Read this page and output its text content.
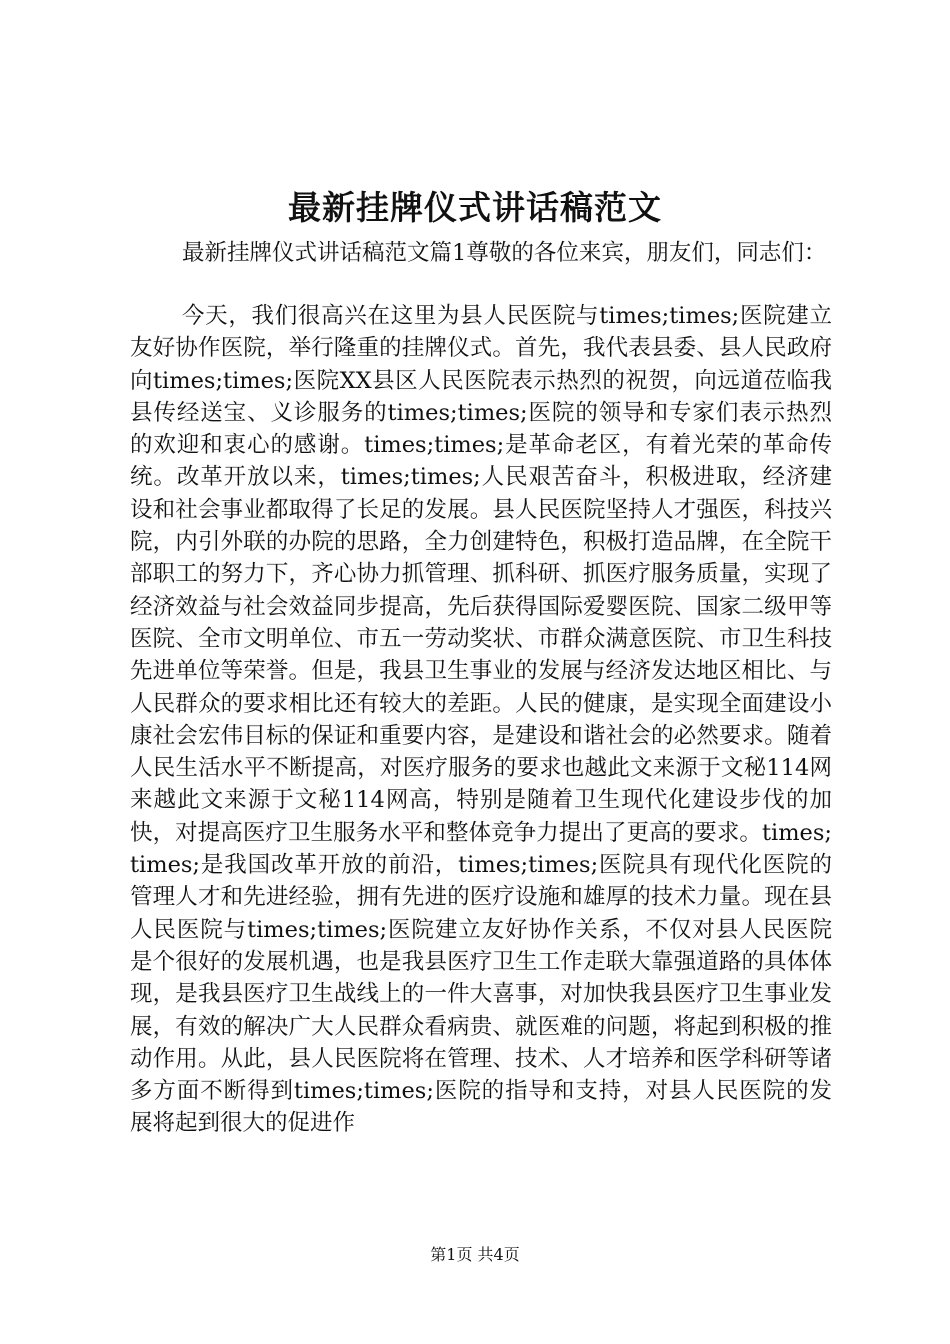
最新挂牌仪式讲话稿范文

最新挂牌仪式讲话稿范文篇1尊敬的各位来宾，朋友们，同志们：

今天，我们很高兴在这里为县人民医院与times;times;医院建立友好协作医院，举行隆重的挂牌仪式。首先，我代表县委、县人民政府向times;times;医院XX县区人民医院表示热烈的祝贺，向远道莅临我县传经送宝、义诊服务的times;times;医院的领导和专家们表示热烈的欢迎和衷心的感谢。times;times;是革命老区，有着光荣的革命传统。改革开放以来，times;times;人民艰苦奋斗，积极进取，经济建设和社会事业都取得了长足的发展。县人民医院坚持人才强医，科技兴院，内引外联的办院的思路，全力创建特色，积极打造品牌，在全院干部职工的努力下，齐心协力抓管理、抓科研、抓医疗服务质量，实现了经济效益与社会效益同步提高，先后获得国际爱婴医院、国家二级甲等医院、全市文明单位、市五一劳动奖状、市群众满意医院、市卫生科技先进单位等荣誉。但是，我县卫生事业的发展与经济发达地区相比、与人民群众的要求相比还有较大的差距。人民的健康，是实现全面建设小康社会宏伟目标的保证和重要内容，是建设和谐社会的必然要求。随着人民生活水平不断提高，对医疗服务的要求也越此文来源于文秘114网来越此文来源于文秘114网高，特别是随着卫生现代化建设步伐的加快，对提高医疗卫生服务水平和整体竞争力提出了更高的要求。times;times;是我国改革开放的前沿，times;times;医院具有现代化医院的管理人才和先进经验，拥有先进的医疗设施和雄厚的技术力量。现在县人民医院与times;times;医院建立友好协作关系，不仅对县人民医院是个很好的发展机遇，也是我县医疗卫生工作走联大靠强道路的具体体现，是我县医疗卫生战线上的一件大喜事，对加快我县医疗卫生事业发展，有效的解决广大人民群众看病贵、就医难的问题，将起到积极的推动作用。从此，县人民医院将在管理、技术、人才培养和医学科研等诸多方面不断得到times;times;医院的指导和支持，对县人民医院的发展将起到很大的促进作

第1页 共4页
